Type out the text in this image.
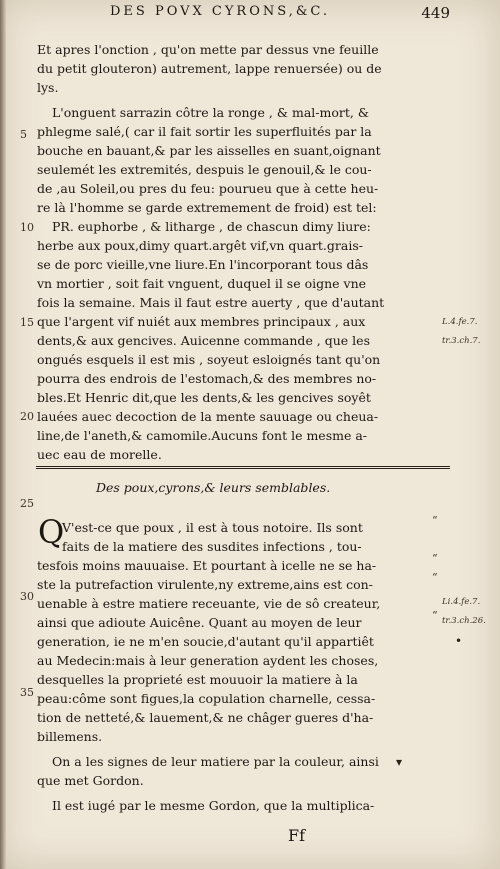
DES POVX CYRONS,&C.	449
Et apres l'onction , qu'on mette par dessus vne feuille
du petit glouteron) autrement, lappe renuersée) ou de
lys.
L'onguent sarrazin côtre la ronge , & mal-mort, &
phlegme salé,( car il fait sortir les superfluités par la
bouche en bauant,& par les aisselles en suant,oignant
seulemét les extremités, despuis le genouil,& le cou-
de ,au Soleil,ou pres du feu: pourueu que à cette heu-
re là l'homme se garde extremement de froid) est tel:
PR. euphorbe , & litharge , de chascun dimy liure:
herbe aux poux,dimy quart.argêt vif,vn quart.grais-
se de porc vieille,vne liure.En l'incorporant tous dâs
vn mortier , soit fait vnguent, duquel il se oigne vne
fois la semaine. Mais il faut estre auerty , que d'autant
que l'argent vif nuiét aux membres principaux , aux
dents,& aux gencives. Auicenne commande , que les
ongués esquels il est mis , soyeut esloignés tant qu'on
pourra des endrois de l'estomach,& des membres no-
bles.Et Henric dit,que les dents,& les gencives soyêt
lauées auec decoction de la mente sauuage ou cheua-
line,de l'aneth,& camomile.Aucuns font le mesme a-
uec eau de morelle.
5
10
15
20
25
30
35
L.4.fe.7.
tr.3.ch.7.
Li.4.fe.7.
tr.3.ch.26.
Des poux,cyrons,& leurs semblables.
Q
V'est-ce que poux , il est à tous notoire. Ils sont
faits de la matiere des susdites infections , tou-
tesfois moins mauuaise. Et pourtant à icelle ne se ha-
ste la putrefaction virulente,ny extreme,ains est con-
uenable à estre matiere receuante, vie de sô createur,
ainsi que adioute Auicêne. Quant au moyen de leur
generation, ie ne m'en soucie,d'autant qu'il appartiêt
au Medecin:mais à leur generation aydent les choses,
desquelles la proprieté est mouuoir la matiere à la
peau:côme sont figues,la copulation charnelle, cessa-
tion de netteté,& lauement,& ne châger gueres d'ha-
billemens.
On a les signes de leur matiere par la couleur, ainsi
que met Gordon.
Il est iugé par le mesme Gordon, que la multiplica-
“
“
“
“
•
▾
Ff
